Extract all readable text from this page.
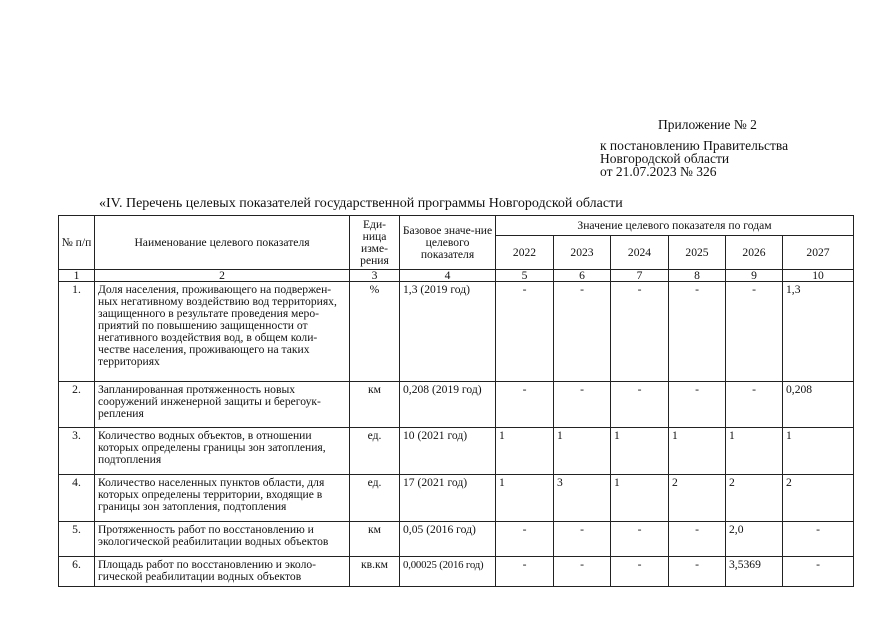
Приложение № 2
к постановлению Правительства
Новгородской области
от 21.07.2023 № 326
«IV. Перечень целевых показателей государственной программы Новгородской области
№ п/п	Наименование целевого показателя	Еди-ница изме-рения	Базовое значе-ние целевого показателя	Значение целевого показателя по годам					
				2022	2023	2024	2025	2026	2027
1	2	3	4	5	6	7	8	9	10
1.	Доля населения, проживающего на подвержен-ных негативному воздействию вод территориях, защищенного в результате проведения меро-приятий по повышению защищенности от негативного воздействия вод, в общем коли-честве населения, проживающего на таких территориях	%	1,3 (2019 год)	-	-	-	-	-	1,3
2.	Запланированная протяженность новых сооружений инженерной защиты и берегоук-репления	км	0,208 (2019 год)	-	-	-	-	-	0,208
3.	Количество водных объектов, в отношении которых определены границы зон затопления, подтопления	ед.	10 (2021 год)	1	1	1	1	1	1
4.	Количество населенных пунктов области, для которых определены территории, входящие в границы зон затопления, подтопления	ед.	17 (2021 год)	1	3	1	2	2	2
5.	Протяженность работ по восстановлению и экологической реабилитации водных объектов	км	0,05 (2016 год)	-	-	-	-	2,0	-
6.	Площадь работ по восстановлению и эколо-гической реабилитации водных объектов	кв.км	0,00025 (2016 год)	-	-	-	-	3,5369	-
